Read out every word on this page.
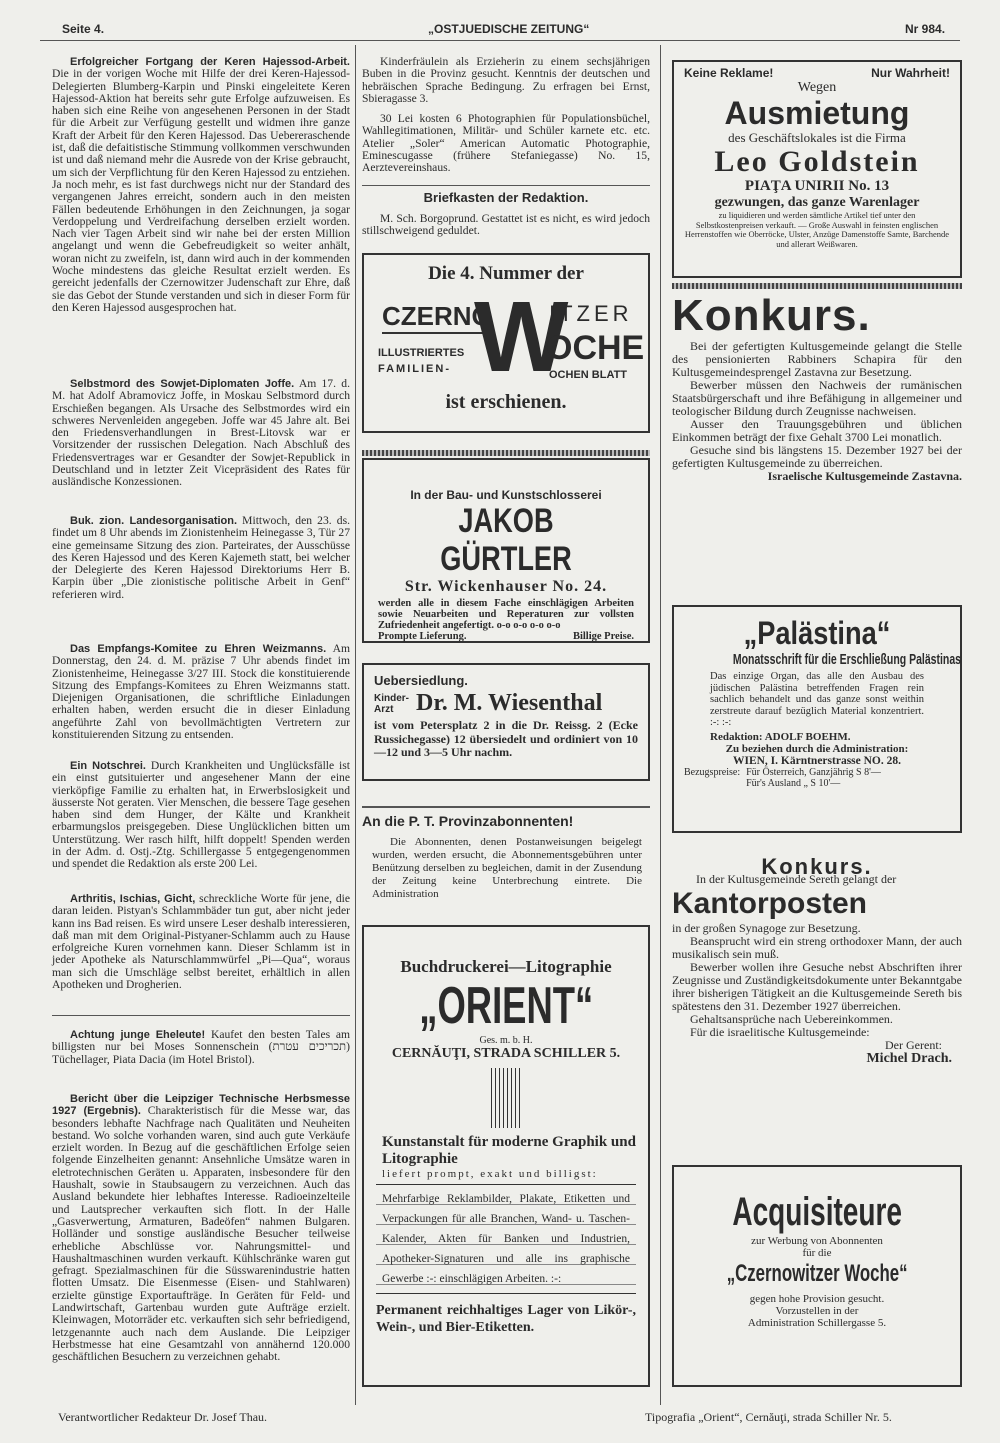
Seite 4.	„OSTJUEDISCHE ZEITUNG“	Nr 984.

Erfolgreicher Fortgang der Keren Hajessod-Arbeit. Die in der vorigen Woche mit Hilfe der drei Keren-Hajessod-Delegierten Blumberg-Karpin und Pinski eingeleitete Keren Hajessod-Aktion hat bereits sehr gute Erfolge aufzuweisen. Es haben sich eine Reihe von angesehenen Personen in der Stadt für die Arbeit zur Verfügung gestellt und widmen ihre ganze Kraft der Arbeit für den Keren Hajessod. Das Uebereraschende ist, daß die defaitistische Stimmung vollkommen verschwunden ist und daß niemand mehr die Ausrede von der Krise gebraucht, um sich der Verpflichtung für den Keren Hajessod zu entziehen. Ja noch mehr, es ist fast durchwegs nicht nur der Standard des vergangenen Jahres erreicht, sondern auch in den meisten Fällen bedeutende Erhöhungen in den Zeichnungen, ja sogar Verdoppelung und Verdreifachung derselben erzielt worden. Nach vier Tagen Arbeit sind wir nahe bei der ersten Million angelangt und wenn die Gebefreudigkeit so weiter anhält, woran nicht zu zweifeln, ist, dann wird auch in der kommenden Woche mindestens das gleiche Resultat erzielt werden. Es gereicht jedenfalls der Czernowitzer Judenschaft zur Ehre, daß sie das Gebot der Stunde verstanden und sich in dieser Form für den Keren Hajessod ausgesprochen hat.

Selbstmord des Sowjet-Diplomaten Joffe. Am 17. d. M. hat Adolf Abramovicz Joffe, in Moskau Selbstmord durch Erschießen begangen. Als Ursache des Selbstmordes wird ein schweres Nervenleiden angegeben. Joffe war 45 Jahre alt. Bei den Friedensverhandlungen in Brest-Litovsk war er Vorsitzender der russischen Delegation. Nach Abschluß des Friedensvertrages war er Gesandter der Sowjet-Republick in Deutschland und in letzter Zeit Vicepräsident des Rates für ausländische Konzessionen.

Buk. zion. Landesorganisation. Mittwoch, den 23. ds. findet um 8 Uhr abends im Zionistenheim Heinegasse 3, Tür 27 eine gemeinsame Sitzung des zion. Parteirates, der Ausschüsse des Keren Hajessod und des Keren Kajemeth statt, bei welcher der Delegierte des Keren Hajessod Direktoriums Herr B. Karpin über „Die zionistische politische Arbeit in Genf“ referieren wird.

Das Empfangs-Komitee zu Ehren Weizmanns. Am Donnerstag, den 24. d. M. präzise 7 Uhr abends findet im Zionistenheime, Heinegasse 3/27 III. Stock die konstituierende Sitzung des Empfangs-Komitees zu Ehren Weizmanns statt. Diejenigen Organisationen, die schriftliche Einladungen erhalten haben, werden ersucht die in dieser Einladung angeführte Zahl von bevollmächtigten Vertretern zur konstituierenden Sitzung zu entsenden.

Ein Notschrei. Durch Krankheiten und Unglücksfälle ist ein einst gutsituierter und angesehener Mann der eine vierköpfige Familie zu erhalten hat, in Erwerbslosigkeit und äusserste Not geraten. Vier Menschen, die bessere Tage gesehen haben sind dem Hunger, der Kälte und Krankheit erbarmungslos preisgegeben. Diese Unglücklichen bitten um Unterstützung. Wer rasch hilft, hilft doppelt! Spenden werden in der Adm. d. Ostj.-Ztg. Schillergasse 5 entgegengenommen und spendet die Redaktion als erste 200 Lei.

Arthritis, Ischias, Gicht, schreckliche Worte für jene, die daran leiden. Pistyan's Schlammbäder tun gut, aber nicht jeder kann ins Bad reisen. Es wird unsere Leser deshalb interessieren, daß man mit dem Original-Pistyaner-Schlamm auch zu Hause erfolgreiche Kuren vornehmen kann. Dieser Schlamm ist in jeder Apotheke als Naturschlammwürfel „Pi—Qua“, woraus man sich die Umschläge selbst bereitet, erhältlich in allen Apotheken und Drogherien.

Achtung junge Eheleute! Kaufet den besten Tales am billigsten nur bei Moses Sonnenschein (תכריכים עטרת) Tüchellager, Piata Dacia (im Hotel Bristol).

Bericht über die Leipziger Technische Herbsmesse 1927 (Ergebnis). Charakteristisch für die Messe war, das besonders lebhafte Nachfrage nach Qualitäten und Neuheiten bestand. Wo solche vorhanden waren, sind auch gute Verkäufe erzielt worden. In Bezug auf die geschäftlichen Erfolge seien folgende Einzelheiten genannt: Ansehnliche Umsätze waren in eletrotechnischen Geräten u. Apparaten, insbesondere für den Haushalt, sowie in Staubsaugern zu verzeichnen. Auch das Ausland bekundete hier lebhaftes Interesse. Radioeinzelteile und Lautsprecher verkauften sich flott. In der Halle „Gasverwertung, Armaturen, Badeöfen“ nahmen Bulgaren. Holländer und sonstige ausländische Besucher teilweise erhebliche Abschlüsse vor. Nahrungsmittel- und Haushaltmaschinen wurden verkauft. Kühlschränke waren gut gefragt. Spezialmaschinen für die Süsswarenindustrie hatten flotten Umsatz. Die Eisenmesse (Eisen- und Stahlwaren) erzielte günstige Exportaufträge. In Geräten für Feld- und Landwirtschaft, Gartenbau wurden gute Aufträge erzielt. Kleinwagen, Motorräder etc. verkauften sich sehr befriedigend, letzgenannte auch nach dem Auslande. Die Leipziger Herbstmesse hat eine Gesamtzahl von annähernd 120.000 geschäftlichen Besuchern zu verzeichnen gehabt.

Kinderfräulein als Erzieherin zu einem sechsjährigen Buben in die Provinz gesucht. Kenntnis der deutschen und hebräischen Sprache Bedingung. Zu erfragen bei Ernst, Sbieragasse 3.

30 Lei kosten 6 Photographien für Populationsbüchel, Wahllegitimationen, Militär- und Schüler karnete etc. etc. Atelier „Soler“ American Automatic Photographie, Eminescugasse (frühere Stefaniegasse) No. 15, Aerztevereinshaus.

Briefkasten der Redaktion.

M. Sch. Borgoprund. Gestattet ist es nicht, es wird jedoch stillschweigend geduldet.

Die 4. Nummer der
CZERNO
W
ITZER
OCHE
ILLUSTRIERTES
FAMILIEN-	OCHEN BLATT
ist erschienen.
In der Bau- und Kunstschlosserei
JAKOB GÜRTLER
Str. Wickenhauser No. 24.
werden alle in diesem Fache einschlägigen Arbeiten sowie Neuarbeiten und Reperaturen zur vollsten Zufriedenheit angefertigt. o-o o-o o-o o-o
Prompte Lieferung.	Billige Preise.
Uebersiedlung.
Kinder-Arzt Dr. M. Wiesenthal
ist vom Petersplatz 2 in die Dr. Reissg. 2 (Ecke Russichegasse) 12 übersiedelt und ordiniert von 10—12 und 3—5 Uhr nachm.
An die P. T. Provinzabonnenten!

Die Abonnenten, denen Postanweisungen beigelegt wurden, werden ersucht, die Abonnementsgebühren unter Benützung derselben zu begleichen, damit in der Zusendung der Zeitung keine Unterbrechung eintrete. Die Administration

Buchdruckerei—Litographie
„ORIENT“
Ges. m. b. H.
CERNĂUŢI, STRADA SCHILLER 5.
Kunstanstalt für moderne Graphik und Litographie
liefert prompt, exakt und billigst:
Mehrfarbige Reklambilder, Plakate, Etiketten und Verpackungen für alle Branchen, Wand- u. Taschen-Kalender, Akten für Banken und Industrien, Apotheker-Signaturen und alle ins graphische Gewerbe :-: einschlägigen Arbeiten. :-:
Permanent reichhaltiges Lager von Likör-, Wein-, und Bier-Etiketten.
Keine Reklame!	Nur Wahrheit!
Wegen
Ausmietung
des Geschäftslokales ist die Firma
Leo Goldstein
PIAŢA UNIRII No. 13
gezwungen, das ganze Warenlager
zu liquidieren und werden sämtliche Artikel tief unter den Selbstkostenpreisen verkauft. — Große Auswahl in feinsten englischen Herrenstoffen wie Oberröcke, Ulster, Anzüge Damenstoffe Samte, Barchende und allerart Weißwaren.
Konkurs.

Bei der gefertigten Kultusgemeinde gelangt die Stelle des pensionierten Rabbiners Schapira für den Kultusgemeindesprengel Zastavna zur Besetzung.

Bewerber müssen den Nachweis der rumänischen Staatsbürgerschaft und ihre Befähigung in allgemeiner und teologischer Bildung durch Zeugnisse nachweisen.

Ausser den Trauungsgebühren und üblichen Einkommen beträgt der fixe Gehalt 3700 Lei monatlich.

Gesuche sind bis längstens 15. Dezember 1927 bei der gefertigten Kultusgemeinde zu überreichen.

Israelische Kultusgemeinde Zastavna.

„Palästina“
Monatsschrift für die Erschließung Palästinas
Das einzige Organ, das alle den Ausbau des jüdischen Palästina betreffenden Fragen rein sachlich behandelt und das ganze sonst weithin zerstreute darauf bezüglich Material konzentriert. :-: :-:
Redaktion: ADOLF BOEHM.
Zu beziehen durch die Administration:
WIEN, I. Kärntnerstrasse NO. 28.
Bezugspreise: Für Österreich, Ganzjährig S 8'—
Für's Ausland „ S 10'—
Konkurs.

In der Kultusgemeinde Sereth gelangt der

Kantorposten

in der großen Synagoge zur Besetzung.

Beansprucht wird ein streng orthodoxer Mann, der auch musikalisch sein muß.

Bewerber wollen ihre Gesuche nebst Abschriften ihrer Zeugnisse und Zuständigkeitsdokumente unter Bekanntgabe ihrer bisherigen Tätigkeit an die Kultusgemeinde Sereth bis spätestens den 31. Dezember 1927 überreichen.

Gehaltsansprüche nach Uebereinkommen.

Für die israelitische Kultusgemeinde:

Der Gerent:

Michel Drach.

Acquisiteure
zur Werbung von Abonnenten für die
„Czernowitzer Woche“
gegen hohe Provision gesucht. Vorzustellen in der Administration Schillergasse 5.
Verantwortlicher Redakteur Dr. Josef Thau.	Tipografia „Orient“, Cernăuţi, strada Schiller Nr. 5.
